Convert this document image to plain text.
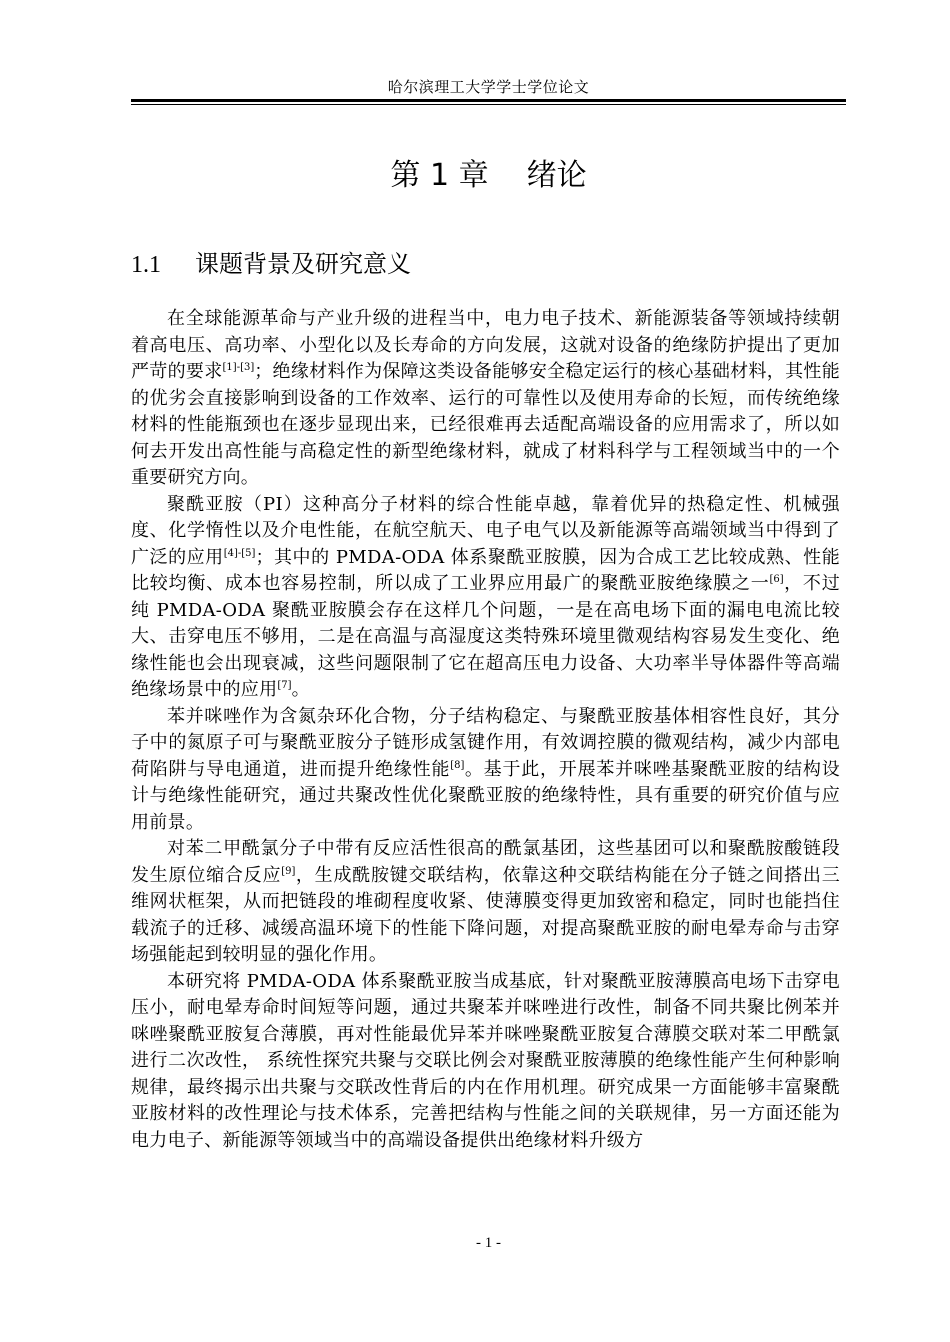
哈尔滨理工大学学士学位论文
第 1 章 绪论
1.1 课题背景及研究意义

在全球能源革命与产业升级的进程当中，电力电子技术、新能源装备等领域持续朝着高电压、高功率、小型化以及长寿命的方向发展，这就对设备的绝缘防护提出了更加严苛的要求[1]-[3]；绝缘材料作为保障这类设备能够安全稳定运行的核心基础材料，其性能的优劣会直接影响到设备的工作效率、运行的可靠性以及使用寿命的长短，而传统绝缘材料的性能瓶颈也在逐步显现出来，已经很难再去适配高端设备的应用需求了，所以如何去开发出高性能与高稳定性的新型绝缘材料，就成了材料科学与工程领域当中的一个重要研究方向。

聚酰亚胺（PI）这种高分子材料的综合性能卓越，靠着优异的热稳定性、机械强度、化学惰性以及介电性能，在航空航天、电子电气以及新能源等高端领域当中得到了广泛的应用[4]-[5]；其中的 PMDA-ODA 体系聚酰亚胺膜，因为合成工艺比较成熟、性能比较均衡、成本也容易控制，所以成了工业界应用最广的聚酰亚胺绝缘膜之一[6]，不过纯 PMDA-ODA 聚酰亚胺膜会存在这样几个问题，一是在高电场下面的漏电电流比较大、击穿电压不够用，二是在高温与高湿度这类特殊环境里微观结构容易发生变化、绝缘性能也会出现衰减，这些问题限制了它在超高压电力设备、大功率半导体器件等高端绝缘场景中的应用[7]。

苯并咪唑作为含氮杂环化合物，分子结构稳定、与聚酰亚胺基体相容性良好，其分子中的氮原子可与聚酰亚胺分子链形成氢键作用，有效调控膜的微观结构，减少内部电荷陷阱与导电通道，进而提升绝缘性能[8]。基于此，开展苯并咪唑基聚酰亚胺的结构设计与绝缘性能研究，通过共聚改性优化聚酰亚胺的绝缘特性，具有重要的研究价值与应用前景。

对苯二甲酰氯分子中带有反应活性很高的酰氯基团，这些基团可以和聚酰胺酸链段发生原位缩合反应[9]，生成酰胺键交联结构，依靠这种交联结构能在分子链之间搭出三维网状框架，从而把链段的堆砌程度收紧、使薄膜变得更加致密和稳定，同时也能挡住载流子的迁移、减缓高温环境下的性能下降问题，对提高聚酰亚胺的耐电晕寿命与击穿场强能起到较明显的强化作用。

本研究将 PMDA-ODA 体系聚酰亚胺当成基底，针对聚酰亚胺薄膜高电场下击穿电压小，耐电晕寿命时间短等问题，通过共聚苯并咪唑进行改性，制备不同共聚比例苯并咪唑聚酰亚胺复合薄膜，再对性能最优异苯并咪唑聚酰亚胺复合薄膜交联对苯二甲酰氯进行二次改性， 系统性探究共聚与交联比例会对聚酰亚胺薄膜的绝缘性能产生何种影响规律，最终揭示出共聚与交联改性背后的内在作用机理。研究成果一方面能够丰富聚酰亚胺材料的改性理论与技术体系，完善把结构与性能之间的关联规律，另一方面还能为电力电子、新能源等领域当中的高端设备提供出绝缘材料升级方

- 1 -
